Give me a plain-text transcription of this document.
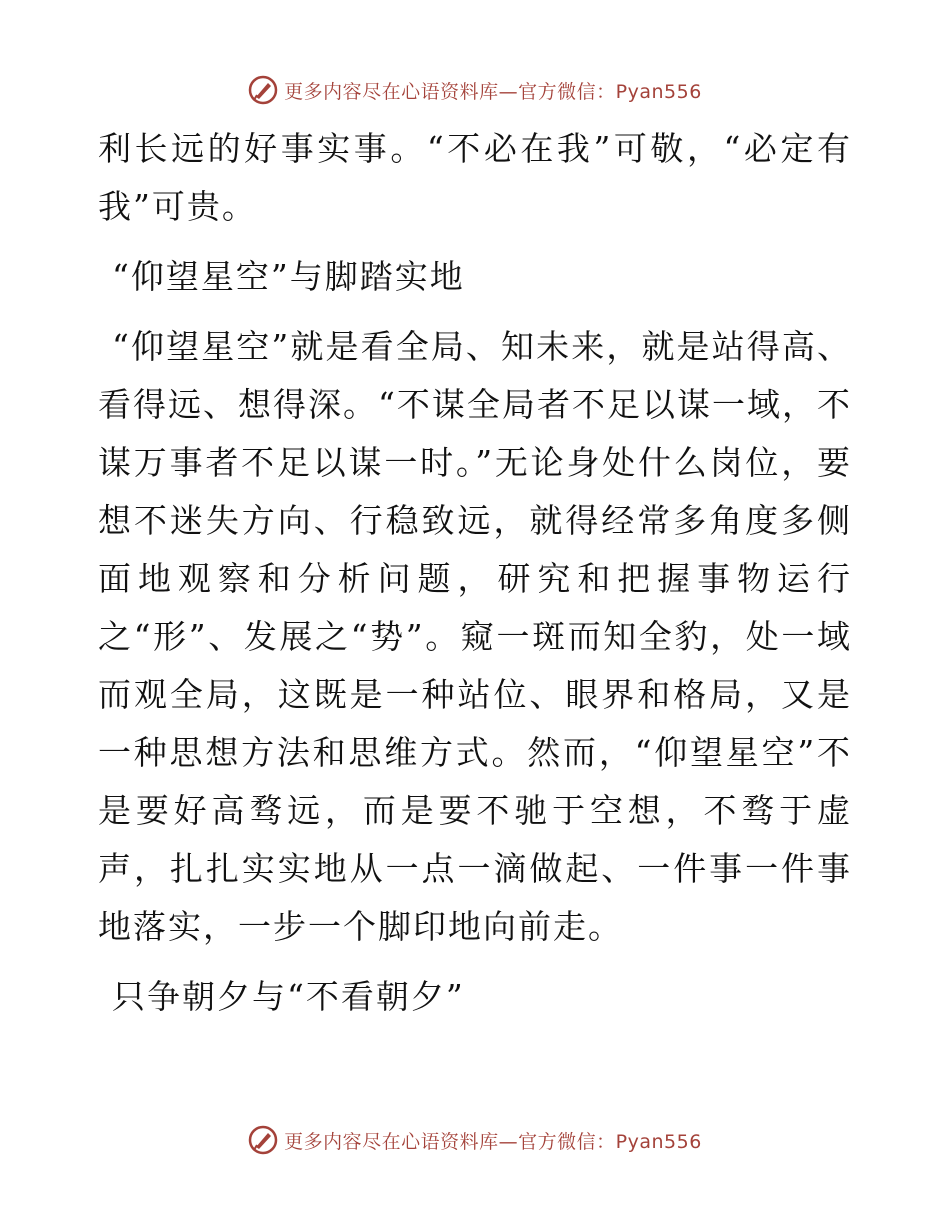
更多内容尽在心语资料库—官方微信：Pyan556

利长远的好事实事。“不必在我”可敬，“必定有我”可贵。

“仰望星空”与脚踏实地

“仰望星空”就是看全局、知未来，就是站得高、看得远、想得深。“不谋全局者不足以谋一域，不谋万事者不足以谋一时。”无论身处什么岗位，要想不迷失方向、行稳致远，就得经常多角度多侧面地观察和分析问题，研究和把握事物运行之“形”、发展之“势”。窥一斑而知全豹，处一域而观全局，这既是一种站位、眼界和格局，又是一种思想方法和思维方式。然而，“仰望星空”不是要好高骛远，而是要不驰于空想，不骛于虚声，扎扎实实地从一点一滴做起、一件事一件事地落实，一步一个脚印地向前走。

只争朝夕与“不看朝夕”

更多内容尽在心语资料库—官方微信：Pyan556
